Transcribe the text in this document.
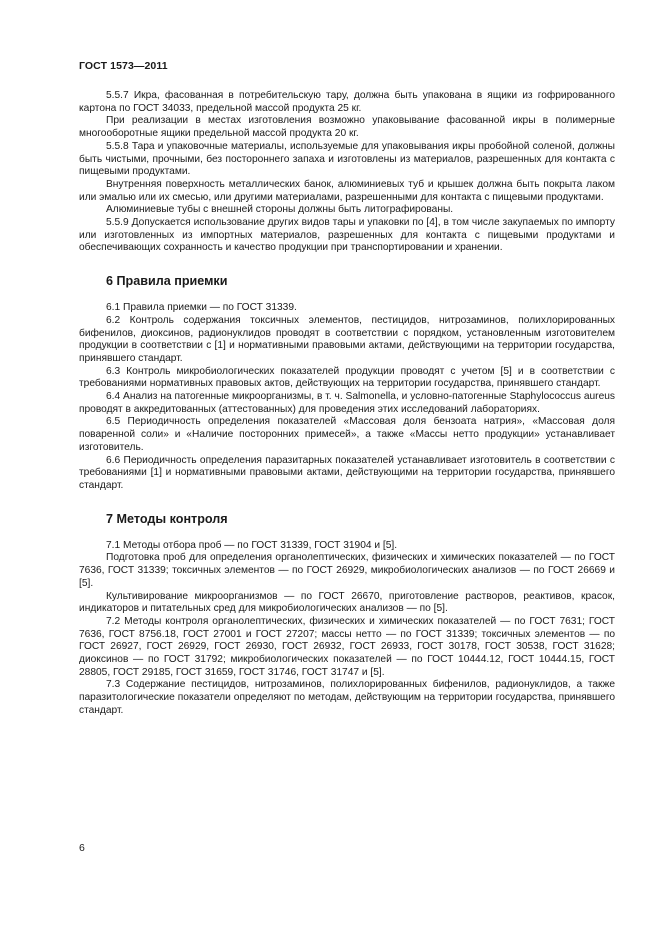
ГОСТ 1573—2011

5.5.7 Икра, фасованная в потребительскую тару, должна быть упакована в ящики из гофрированного картона по ГОСТ 34033, предельной массой продукта 25 кг.

При реализации в местах изготовления возможно упаковывание фасованной икры в полимерные многооборотные ящики предельной массой продукта 20 кг.

5.5.8 Тара и упаковочные материалы, используемые для упаковывания икры пробойной соленой, должны быть чистыми, прочными, без постороннего запаха и изготовлены из материалов, разрешенных для контакта с пищевыми продуктами.

Внутренняя поверхность металлических банок, алюминиевых туб и крышек должна быть покрыта лаком или эмалью или их смесью, или другими материалами, разрешенными для контакта с пищевыми продуктами.

Алюминиевые тубы с внешней стороны должны быть литографированы.

5.5.9 Допускается использование других видов тары и упаковки по [4], в том числе закупаемых по импорту или изготовленных из импортных материалов, разрешенных для контакта с пищевыми продуктами и обеспечивающих сохранность и качество продукции при транспортировании и хранении.

6 Правила приемки

6.1 Правила приемки — по ГОСТ 31339.

6.2 Контроль содержания токсичных элементов, пестицидов, нитрозаминов, полихлорированных бифенилов, диоксинов, радионуклидов проводят в соответствии с порядком, установленным изготовителем продукции в соответствии с [1] и нормативными правовыми актами, действующими на территории государства, принявшего стандарт.

6.3 Контроль микробиологических показателей продукции проводят с учетом [5] и в соответствии с требованиями нормативных правовых актов, действующих на территории государства, принявшего стандарт.

6.4 Анализ на патогенные микроорганизмы, в т. ч. Salmonella, и условно-патогенные Staphylococcus aureus проводят в аккредитованных (аттестованных) для проведения этих исследований лабораториях.

6.5 Периодичность определения показателей «Массовая доля бензоата натрия», «Массовая доля поваренной соли» и «Наличие посторонних примесей», а также «Массы нетто продукции» устанавливает изготовитель.

6.6 Периодичность определения паразитарных показателей устанавливает изготовитель в соответствии с требованиями [1] и нормативными правовыми актами, действующими на территории государства, принявшего стандарт.

7 Методы контроля

7.1 Методы отбора проб — по ГОСТ 31339, ГОСТ 31904 и [5].

Подготовка проб для определения органолептических, физических и химических показателей — по ГОСТ 7636, ГОСТ 31339; токсичных элементов — по ГОСТ 26929, микробиологических анализов — по ГОСТ 26669 и [5].

Культивирование микроорганизмов — по ГОСТ 26670, приготовление растворов, реактивов, красок, индикаторов и питательных сред для микробиологических анализов — по [5].

7.2 Методы контроля органолептических, физических и химических показателей — по ГОСТ 7631; ГОСТ 7636, ГОСТ 8756.18, ГОСТ 27001 и ГОСТ 27207; массы нетто — по ГОСТ 31339; токсичных элементов — по ГОСТ 26927, ГОСТ 26929, ГОСТ 26930, ГОСТ 26932, ГОСТ 26933, ГОСТ 30178, ГОСТ 30538, ГОСТ 31628; диоксинов — по ГОСТ 31792; микробиологических показателей — по ГОСТ 10444.12, ГОСТ 10444.15, ГОСТ 28805, ГОСТ 29185, ГОСТ 31659, ГОСТ 31746, ГОСТ 31747 и [5].

7.3 Содержание пестицидов, нитрозаминов, полихлорированных бифенилов, радионуклидов, а также паразитологические показатели определяют по методам, действующим на территории государства, принявшего стандарт.

6
